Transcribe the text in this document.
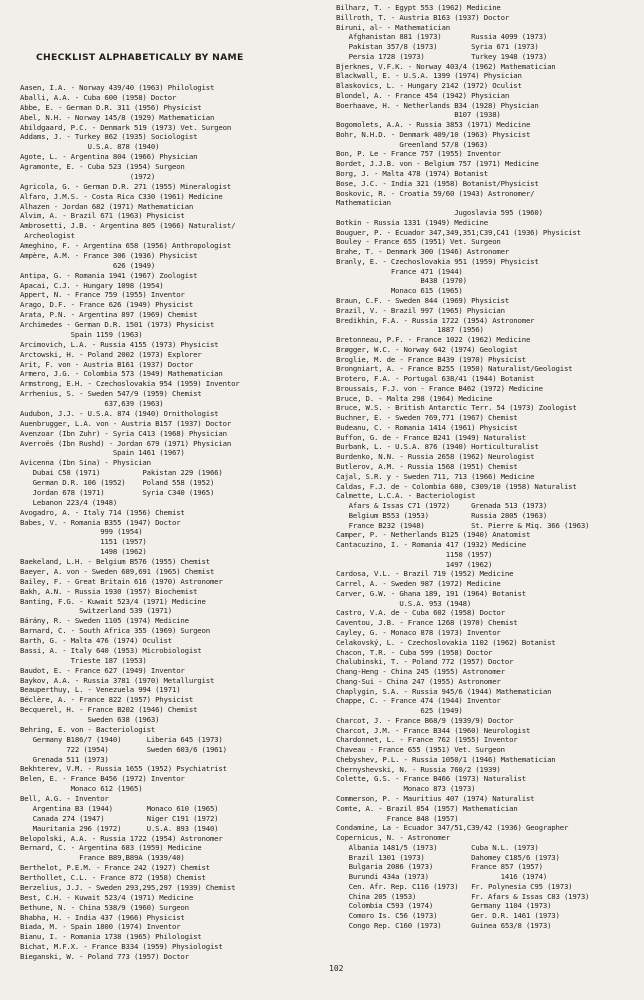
CHECKLIST ALPHABETICALLY BY NAME
Aasen, I.A. - Norway 439/40 (1963) Philologist
Aballi, A.A. - Cuba 600 (1958) Doctor
Abbe, E. - German D.R. 311 (1956) Physicist
Abel, N.H. - Norway 145/8 (1929) Mathematician
Abildgaard, P.C. - Denmark 519 (1973) Vet. Surgeon
Addams, J. - Turkey 862 (1935) Sociologist
U.S.A. 878 (1940)
Agote, L. - Argentina 804 (1966) Physician
Agramonte, E. - Cuba 523 (1954) Surgeon
(1972)
Agricola, G. - German D.R. 271 (1955) Mineralogist
Alfaro, J.M.S. - Costa Rica C330 (1961) Medicine
Alhazen - Jordan 682 (1971) Mathematician
Alvim, A. - Brazil 671 (1963) Physicist
Ambrosetti, J.B. - Argentina 805 (1966) Naturalist/
Archeologist
Ameghino, F. - Argentina 658 (1956) Anthropologist
Ampère, A.M. - France 306 (1936) Physicist
626 (1949)
Antipa, G. - Romania 1941 (1967) Zoologist
Apacai, C.J. - Hungary 1098 (1954)
Appert, N. - France 759 (1955) Inventor
Arago, D.F. - France 626 (1949) Physicist
Arata, P.N. - Argentina 897 (1969) Chemist
Archimedes - German D.R. 1501 (1973) Physicist
Spain 1159 (1963)
Arcimovich, L.A. - Russia 4155 (1973) Physicist
Arctowski, H. - Poland 2002 (1973) Explorer
Arit, F. von - Austria B161 (1937) Doctor
Armero, J.G. - Colombia 573 (1949) Mathematician
Armstrong, E.H. - Czechoslovakia 954 (1959) Inventor
Arrhenius, S. - Sweden 547/9 (1959) Chemist
637,639 (1963)
Audubon, J.J. - U.S.A. 874 (1940) Ornithologist
Auenbrugger, L.A. von - Austria B157 (1937) Doctor
Avenzoar (Ibn Zuhr) - Syria C413 (1968) Physician
Averroës (Ibn Rushd) - Jordan 679 (1971) Physician
Spain 1461 (1967)
Avicenna (Ibn Sina) - Physician
Dubai C58 (1971)          Pakistan 229 (1966)
German D.R. 106 (1952)    Poland 558 (1952)
Jordan 678 (1971)         Syria C340 (1965)
Lebanon 223/4 (1948)
Avogadro, A. - Italy 714 (1956) Chemist
Babes, V. - Romania B355 (1947) Doctor
999 (1954)
1151 (1957)
1498 (1962)
Baekeland, L.H. - Belgium B576 (1955) Chemist
Baeyer, A. von - Sweden 689,691 (1965) Chemist
Bailey, F. - Great Britain 616 (1970) Astronomer
Bakh, A.N. - Russia 1930 (1957) Biochemist
Banting, F.G. - Kuwait 523/4 (1971) Medicine
Switzerland 539 (1971)
Bárány, R. - Sweden 1105 (1974) Medicine
Barnard, C. - South Africa 355 (1969) Surgeon
Barth, G. - Malta 476 (1974) Oculist
Bassi, A. - Italy 640 (1953) Microbiologist
Trieste 187 (1953)
Baudot, E. - France 627 (1949) Inventor
Baykov, A.A. - Russia 3781 (1970) Metallurgist
Beauperthuy, L. - Venezuela 994 (1971)
Béclère, A. - France 822 (1957) Physicist
Becquerel, H. - France B202 (1946) Chemist
Sweden 638 (1963)
Behring, E. von - Bacteriologist
Germany B186/7 (1940)      Liberia 645 (1973)
722 (1954)         Sweden 603/6 (1961)
Grenada 511 (1973)
Bekhterev, V.M. - Russia 1655 (1952) Psychiatrist
Belen, E. - France B456 (1972) Inventor
Monaco 612 (1965)
Bell, A.G. - Inventor
Argentina B3 (1944)        Monaco 610 (1965)
Canada 274 (1947)          Niger C191 (1972)
Mauritania 296 (1972)      U.S.A. 893 (1940)
Belopolski, A.A. - Russia 1722 (1954) Astronomer
Bernard, C. - Argentina 683 (1959) Medicine
France B89,B89A (1939/40)
Berthelot, P.E.M. - France 242 (1927) Chemist
Berthollet, C.L. - France 872 (1958) Chemist
Berzelius, J.J. - Sweden 293,295,297 (1939) Chemist
Best, C.H. - Kuwait 523/4 (1971) Medicine
Bethune, N. - China 538/9 (1960) Surgeon
Bhabha, H. - India 437 (1966) Physicist
Biada, M. - Spain 1800 (1974) Inventor
Bianu, I. - Romania 1738 (1965) Philologist
Bichat, M.F.X. - France B334 (1959) Physiologist
Bieganski, W. - Poland 773 (1957) Doctor
Bilharz, T. - Egypt 553 (1962) Medicine
Billroth, T. - Austria B163 (1937) Doctor
Biruni, al- - Mathematician
Afghanistan 881 (1973)       Russia 4099 (1973)
Pakistan 357/8 (1973)        Syria 671 (1973)
Persia 1728 (1973)           Turkey 1948 (1973)
Bjerknes, V.F.K. - Norway 403/4 (1962) Mathematician
Blackwall, E. - U.S.A. 1399 (1974) Physician
Blaskovics, L. - Hungary 2142 (1972) Oculist
Blondel, A. - France 454 (1942) Physician
Boerhaave, H. - Netherlands B34 (1928) Physician
B107 (1938)
Bogomolets, A.A. - Russia 3853 (1971) Medicine
Bohr, N.H.D. - Denmark 409/10 (1963) Physicist
Greenland 57/8 (1963)
Bon, P. Le - France 757 (1955) Inventor
Bordet, J.J.B. von - Belgium 757 (1971) Medicine
Borg, J. - Malta 478 (1974) Botanist
Bose, J.C. - India 321 (1958) Botanist/Physicist
Boskovic, R. - Croatia 59/60 (1943) Astronomer/
Mathematician
Jugoslavia 595 (1960)
Botkin - Russia 1331 (1949) Medicine
Bouguer, P. - Ecuador 347,349,351;C39,C41 (1936) Physicist
Bouley - France 655 (1951) Vet. Surgeon
Brahe, T. - Denmark 300 (1946) Astronomer
Branly, E. - Czechoslovakia 951 (1959) Physicist
France 471 (1944)
B438 (1970)
Monaco 615 (1965)
Braun, C.F. - Sweden 844 (1969) Physicist
Brazil, V. - Brazil 997 (1965) Physician
Bredikhin, F.A. - Russia 1722 (1954) Astronomer
1887 (1956)
Bretonneau, P.F. - France 1022 (1962) Medicine
Brøgger, W.C. - Norway 642 (1974) Geologist
Broglie, M. de - France B439 (1970) Physicist
Brongniart, A. - France B255 (1950) Naturalist/Geologist
Brotero, F.A. - Portugal 638/41 (1944) Botanist
Broussais, F.J. von - France B462 (1972) Medicine
Bruce, D. - Malta 298 (1964) Medicine
Bruce, W.S. - British Antarctic Terr. 54 (1973) Zoologist
Buchner, E. - Sweden 769,771 (1967) Chemist
Budeanu, C. - Romania 1414 (1961) Physicist
Buffon, G. de - France B241 (1949) Naturalist
Burbank, L. - U.S.A. 876 (1940) Horticulturalist
Burdenko, N.N. - Russia 2658 (1962) Neurologist
Butlerov, A.M. - Russia 1568 (1951) Chemist
Cajal, S.R. y - Sweden 711, 713 (1966) Medicine
Caldas, F.J. de - Colombia 680, C309/10 (1958) Naturalist
Calmette, L.C.A. - Bacteriologist
Afars & Issas C71 (1972)     Grenada 513 (1973)
Belgium B553 (1953)          Russia 2805 (1963)
France B232 (1948)           St. Pierre & Miq. 366 (1963)
Camper, P. - Netherlands B125 (1940) Anatomist
Cantacuzino, I. - Romania 417 (1932) Medicine
1150 (1957)
1497 (1962)
Cardosa, V.L. - Brazil 719 (1952) Medicine
Carrel, A. - Sweden 987 (1972) Medicine
Carver, G.W. - Ghana 189, 191 (1964) Botanist
U.S.A. 953 (1948)
Castro, V.A. de - Cuba 602 (1958) Doctor
Caventou, J.B. - France 1268 (1970) Chemist
Cayley, G. - Monaco 878 (1973) Inventor
Celakovský, L. - Czechoslovakia 1102 (1962) Botanist
Chacon, T.R. - Cuba 599 (1958) Doctor
Chalubinski, T. - Poland 772 (1957) Doctor
Chang-Heng - China 245 (1955) Astronomer
Chang-Sui - China 247 (1955) Astronomer
Chaplygin, S.A. - Russia 945/6 (1944) Mathematician
Chappe, C. - France 474 (1944) Inventor
625 (1949)
Charcot, J. - France B68/9 (1939/9) Doctor
Charcot, J.M. - France B344 (1960) Neurologist
Chardonnet, L. - France 762 (1955) Inventor
Chaveau - France 655 (1951) Vet. Surgeon
Chebyshev, P.L. - Russia 1050/1 (1946) Mathematician
Chernyshevski, N. - Russia 760/2 (1939)
Colette, G.S. - France B466 (1973) Naturalist
Monaco 873 (1973)
Commerson, P. - Mauritius 407 (1974) Naturalist
Comte, A. - Brazil 854 (1957) Mathematician
France 848 (1957)
Condamine, La - Ecuador 347/51,C39/42 (1936) Geographer
Copernicus, N. - Astronomer
Albania 1481/5 (1973)        Cuba N.L. (1973)
Brazil 1301 (1973)           Dahomey C185/6 (1973)
Bulgaria 2086 (1973)         France 857 (1957)
Burundi 434a (1973)                 1416 (1974)
Cen. Afr. Rep. C116 (1973)   Fr. Polynesia C95 (1973)
China 205 (1953)             Fr. Afars & Issas C83 (1973)
Colombia C593 (1974)         Germany 1104 (1973)
Comoro Is. C56 (1973)        Ger. D.R. 1461 (1973)
Congo Rep. C160 (1973)       Guinea 653/8 (1973)
102
